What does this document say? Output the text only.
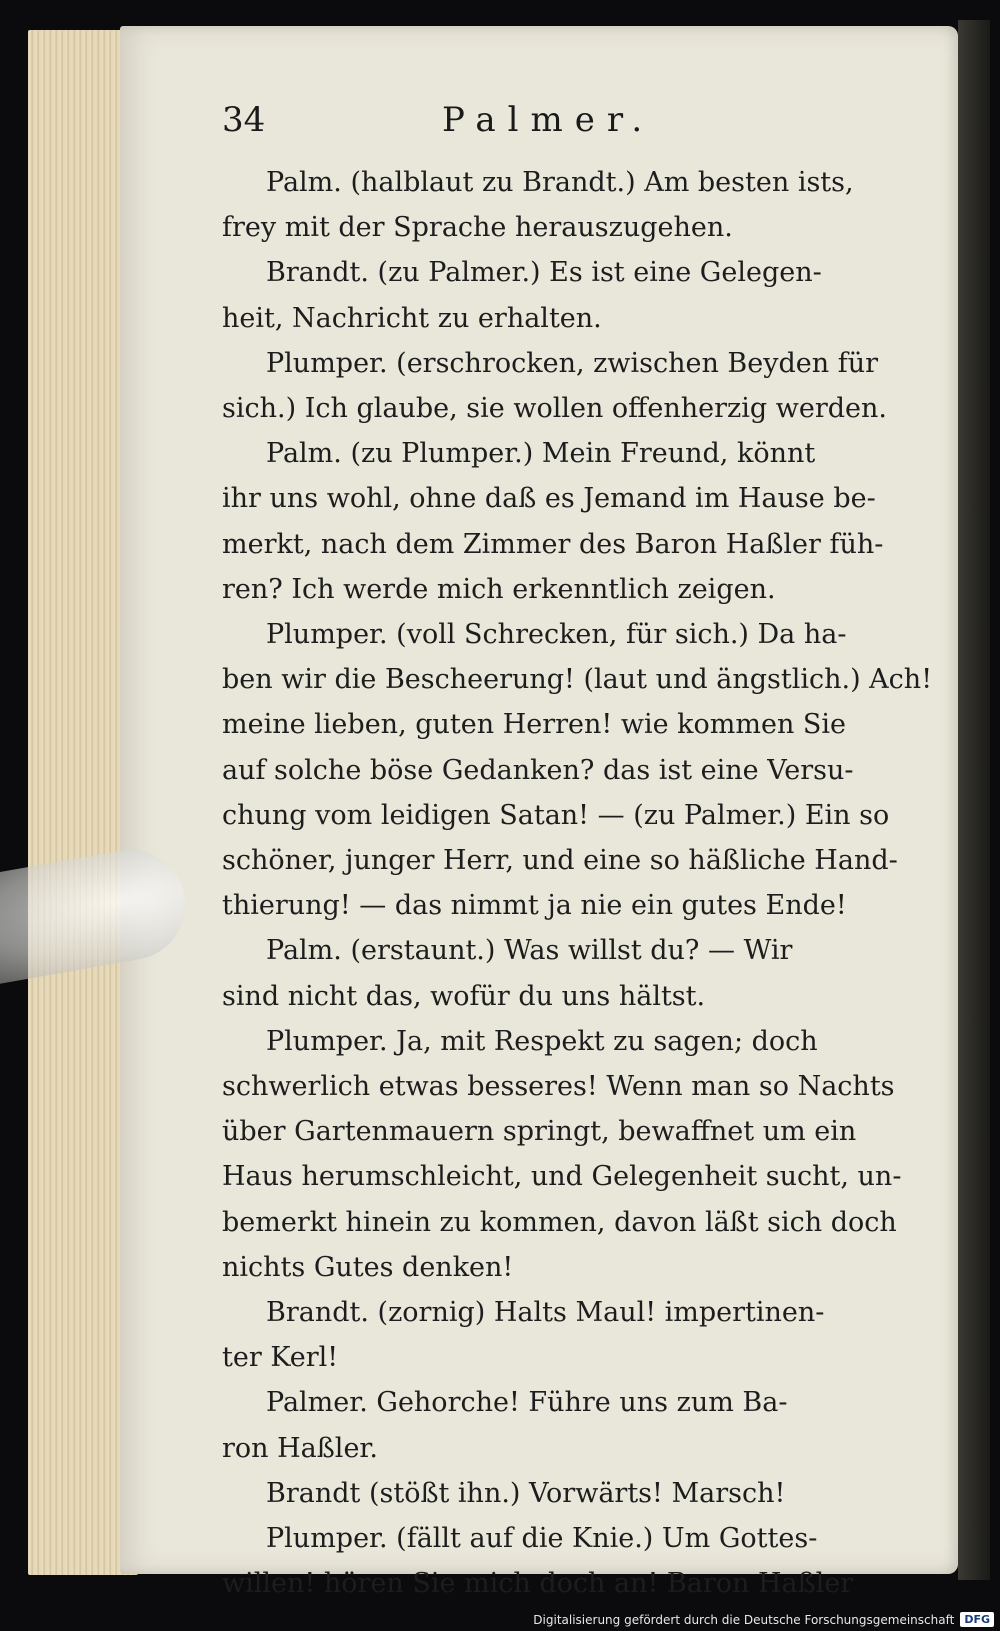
34	Palmer.
Palm. (halblaut zu Brandt.) Am besten ists,
frey mit der Sprache herauszugehen.
Brandt. (zu Palmer.) Es ist eine Gelegen-
heit, Nachricht zu erhalten.
Plumper. (erschrocken, zwischen Beyden für
sich.) Ich glaube, sie wollen offenherzig werden.
Palm. (zu Plumper.) Mein Freund, könnt
ihr uns wohl, ohne daß es Jemand im Hause be-
merkt, nach dem Zimmer des Baron Haßler füh-
ren? Ich werde mich erkenntlich zeigen.
Plumper. (voll Schrecken, für sich.) Da ha-
ben wir die Bescheerung! (laut und ängstlich.) Ach!
meine lieben, guten Herren! wie kommen Sie
auf solche böse Gedanken? das ist eine Versu-
chung vom leidigen Satan! — (zu Palmer.) Ein so
schöner, junger Herr, und eine so häßliche Hand-
thierung! — das nimmt ja nie ein gutes Ende!
Palm. (erstaunt.) Was willst du? — Wir
sind nicht das, wofür du uns hältst.
Plumper. Ja, mit Respekt zu sagen; doch
schwerlich etwas besseres! Wenn man so Nachts
über Gartenmauern springt, bewaffnet um ein
Haus herumschleicht, und Gelegenheit sucht, un-
bemerkt hinein zu kommen, davon läßt sich doch
nichts Gutes denken!
Brandt. (zornig) Halts Maul! impertinen-
ter Kerl!
Palmer. Gehorche! Führe uns zum Ba-
ron Haßler.
Brandt (stößt ihn.) Vorwärts! Marsch!
Plumper. (fällt auf die Knie.) Um Gottes-
willen! hören Sie mich doch an! Baron Haßler
Digitalisierung gefördert durch die Deutsche Forschungsgemeinschaft DFG
